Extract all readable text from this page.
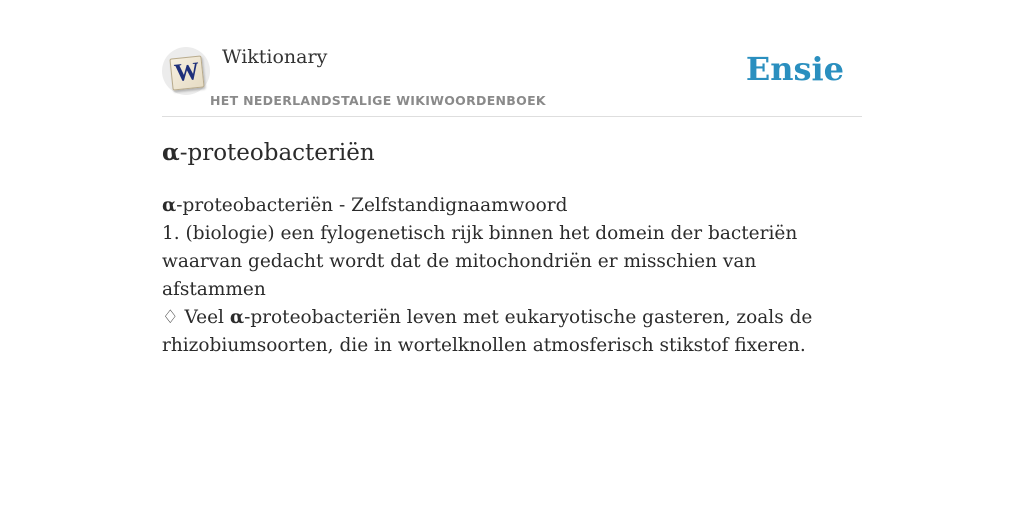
W
Wiktionary
HET NEDERLANDSTALIGE WIKIWOORDENBOEK
Ensie
α-proteobacteriën

α-proteobacteriën - Zelfstandignaamwoord

1. (biologie) een fylogenetisch rijk binnen het domein der bacteriën waarvan gedacht wordt dat de mitochondriën er misschien van afstammen

♢ Veel α-proteobacteriën leven met eukaryotische gasteren, zoals de rhizobiumsoorten, die in wortelknollen atmosferisch stikstof fixeren.
